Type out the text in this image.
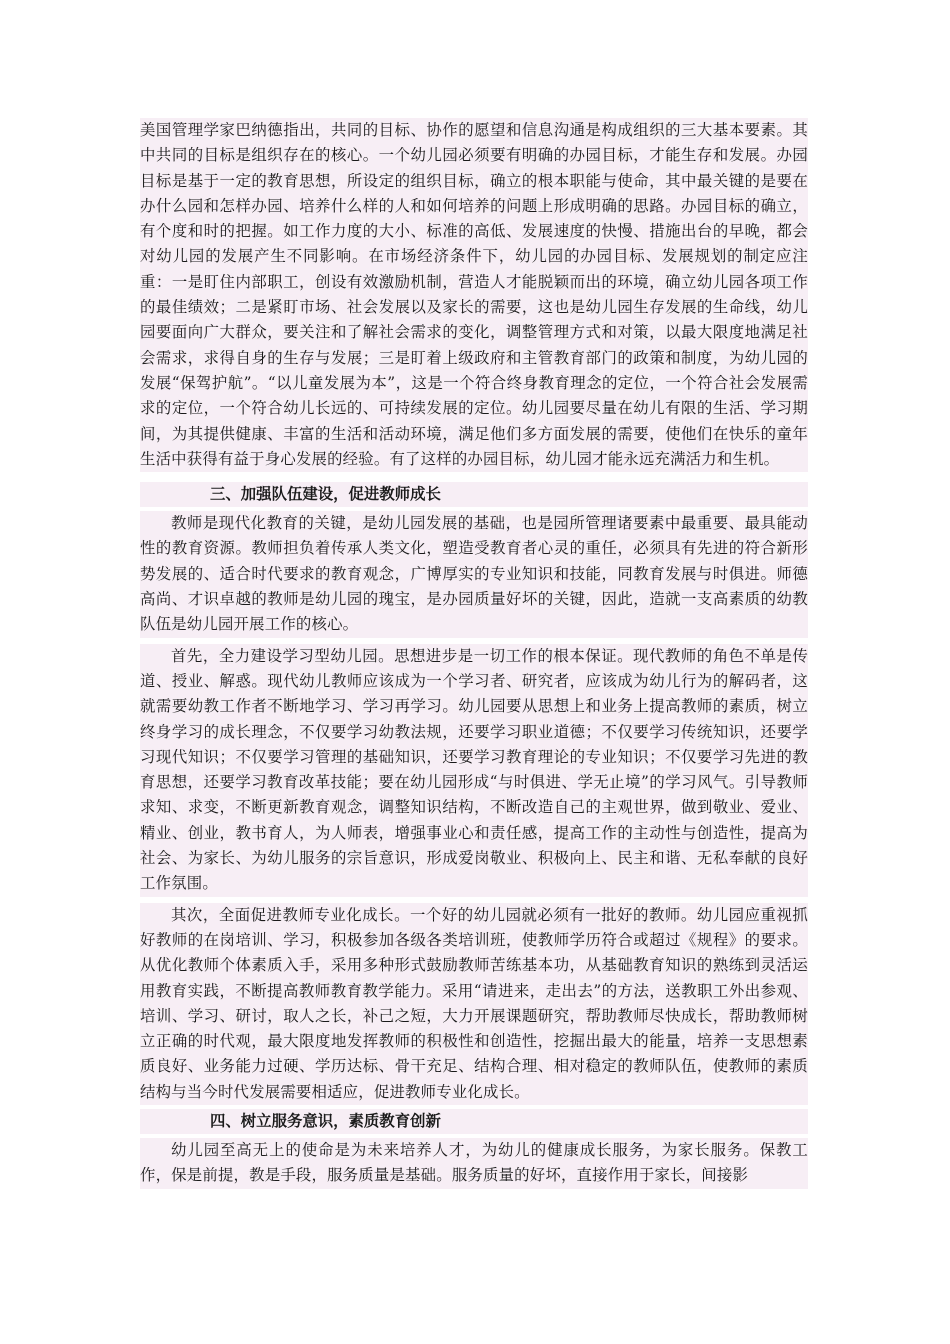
美国管理学家巴纳德指出，共同的目标、协作的愿望和信息沟通是构成组织的三大基本要素。其中共同的目标是组织存在的核心。一个幼儿园必须要有明确的办园目标，才能生存和发展。办园目标是基于一定的教育思想，所设定的组织目标，确立的根本职能与使命，其中最关键的是要在办什么园和怎样办园、培养什么样的人和如何培养的问题上形成明确的思路。办园目标的确立，有个度和时的把握。如工作力度的大小、标准的高低、发展速度的快慢、措施出台的早晚，都会对幼儿园的发展产生不同影响。在市场经济条件下，幼儿园的办园目标、发展规划的制定应注重：一是盯住内部职工，创设有效激励机制，营造人才能脱颖而出的环境，确立幼儿园各项工作的最佳绩效；二是紧盯市场、社会发展以及家长的需要，这也是幼儿园生存发展的生命线，幼儿园要面向广大群众，要关注和了解社会需求的变化，调整管理方式和对策，以最大限度地满足社会需求，求得自身的生存与发展；三是盯着上级政府和主管教育部门的政策和制度，为幼儿园的发展“保驾护航”。“以儿童发展为本”，这是一个符合终身教育理念的定位，一个符合社会发展需求的定位，一个符合幼儿长远的、可持续发展的定位。幼儿园要尽量在幼儿有限的生活、学习期间，为其提供健康、丰富的生活和活动环境，满足他们多方面发展的需要，使他们在快乐的童年生活中获得有益于身心发展的经验。有了这样的办园目标，幼儿园才能永远充满活力和生机。

三、加强队伍建设，促进教师成长

教师是现代化教育的关键，是幼儿园发展的基础，也是园所管理诸要素中最重要、最具能动性的教育资源。教师担负着传承人类文化，塑造受教育者心灵的重任，必须具有先进的符合新形势发展的、适合时代要求的教育观念，广博厚实的专业知识和技能，同教育发展与时俱进。师德高尚、才识卓越的教师是幼儿园的瑰宝，是办园质量好坏的关键，因此，造就一支高素质的幼教队伍是幼儿园开展工作的核心。

首先，全力建设学习型幼儿园。思想进步是一切工作的根本保证。现代教师的角色不单是传道、授业、解惑。现代幼儿教师应该成为一个学习者、研究者，应该成为幼儿行为的解码者，这就需要幼教工作者不断地学习、学习再学习。幼儿园要从思想上和业务上提高教师的素质，树立终身学习的成长理念，不仅要学习幼教法规，还要学习职业道德；不仅要学习传统知识，还要学习现代知识；不仅要学习管理的基础知识，还要学习教育理论的专业知识；不仅要学习先进的教育思想，还要学习教育改革技能；要在幼儿园形成“与时俱进、学无止境”的学习风气。引导教师求知、求变，不断更新教育观念，调整知识结构，不断改造自己的主观世界，做到敬业、爱业、精业、创业，教书育人，为人师表，增强事业心和责任感，提高工作的主动性与创造性，提高为社会、为家长、为幼儿服务的宗旨意识，形成爱岗敬业、积极向上、民主和谐、无私奉献的良好工作氛围。

其次，全面促进教师专业化成长。一个好的幼儿园就必须有一批好的教师。幼儿园应重视抓好教师的在岗培训、学习，积极参加各级各类培训班，使教师学历符合或超过《规程》的要求。从优化教师个体素质入手，采用多种形式鼓励教师苦练基本功，从基础教育知识的熟练到灵活运用教育实践，不断提高教师教育教学能力。采用“请进来，走出去”的方法，送教职工外出参观、培训、学习、研讨，取人之长，补己之短，大力开展课题研究，帮助教师尽快成长，帮助教师树立正确的时代观，最大限度地发挥教师的积极性和创造性，挖掘出最大的能量，培养一支思想素质良好、业务能力过硬、学历达标、骨干充足、结构合理、相对稳定的教师队伍，使教师的素质结构与当今时代发展需要相适应，促进教师专业化成长。

四、树立服务意识，素质教育创新

幼儿园至高无上的使命是为未来培养人才，为幼儿的健康成长服务，为家长服务。保教工作，保是前提，教是手段，服务质量是基础。服务质量的好坏，直接作用于家长，间接影
